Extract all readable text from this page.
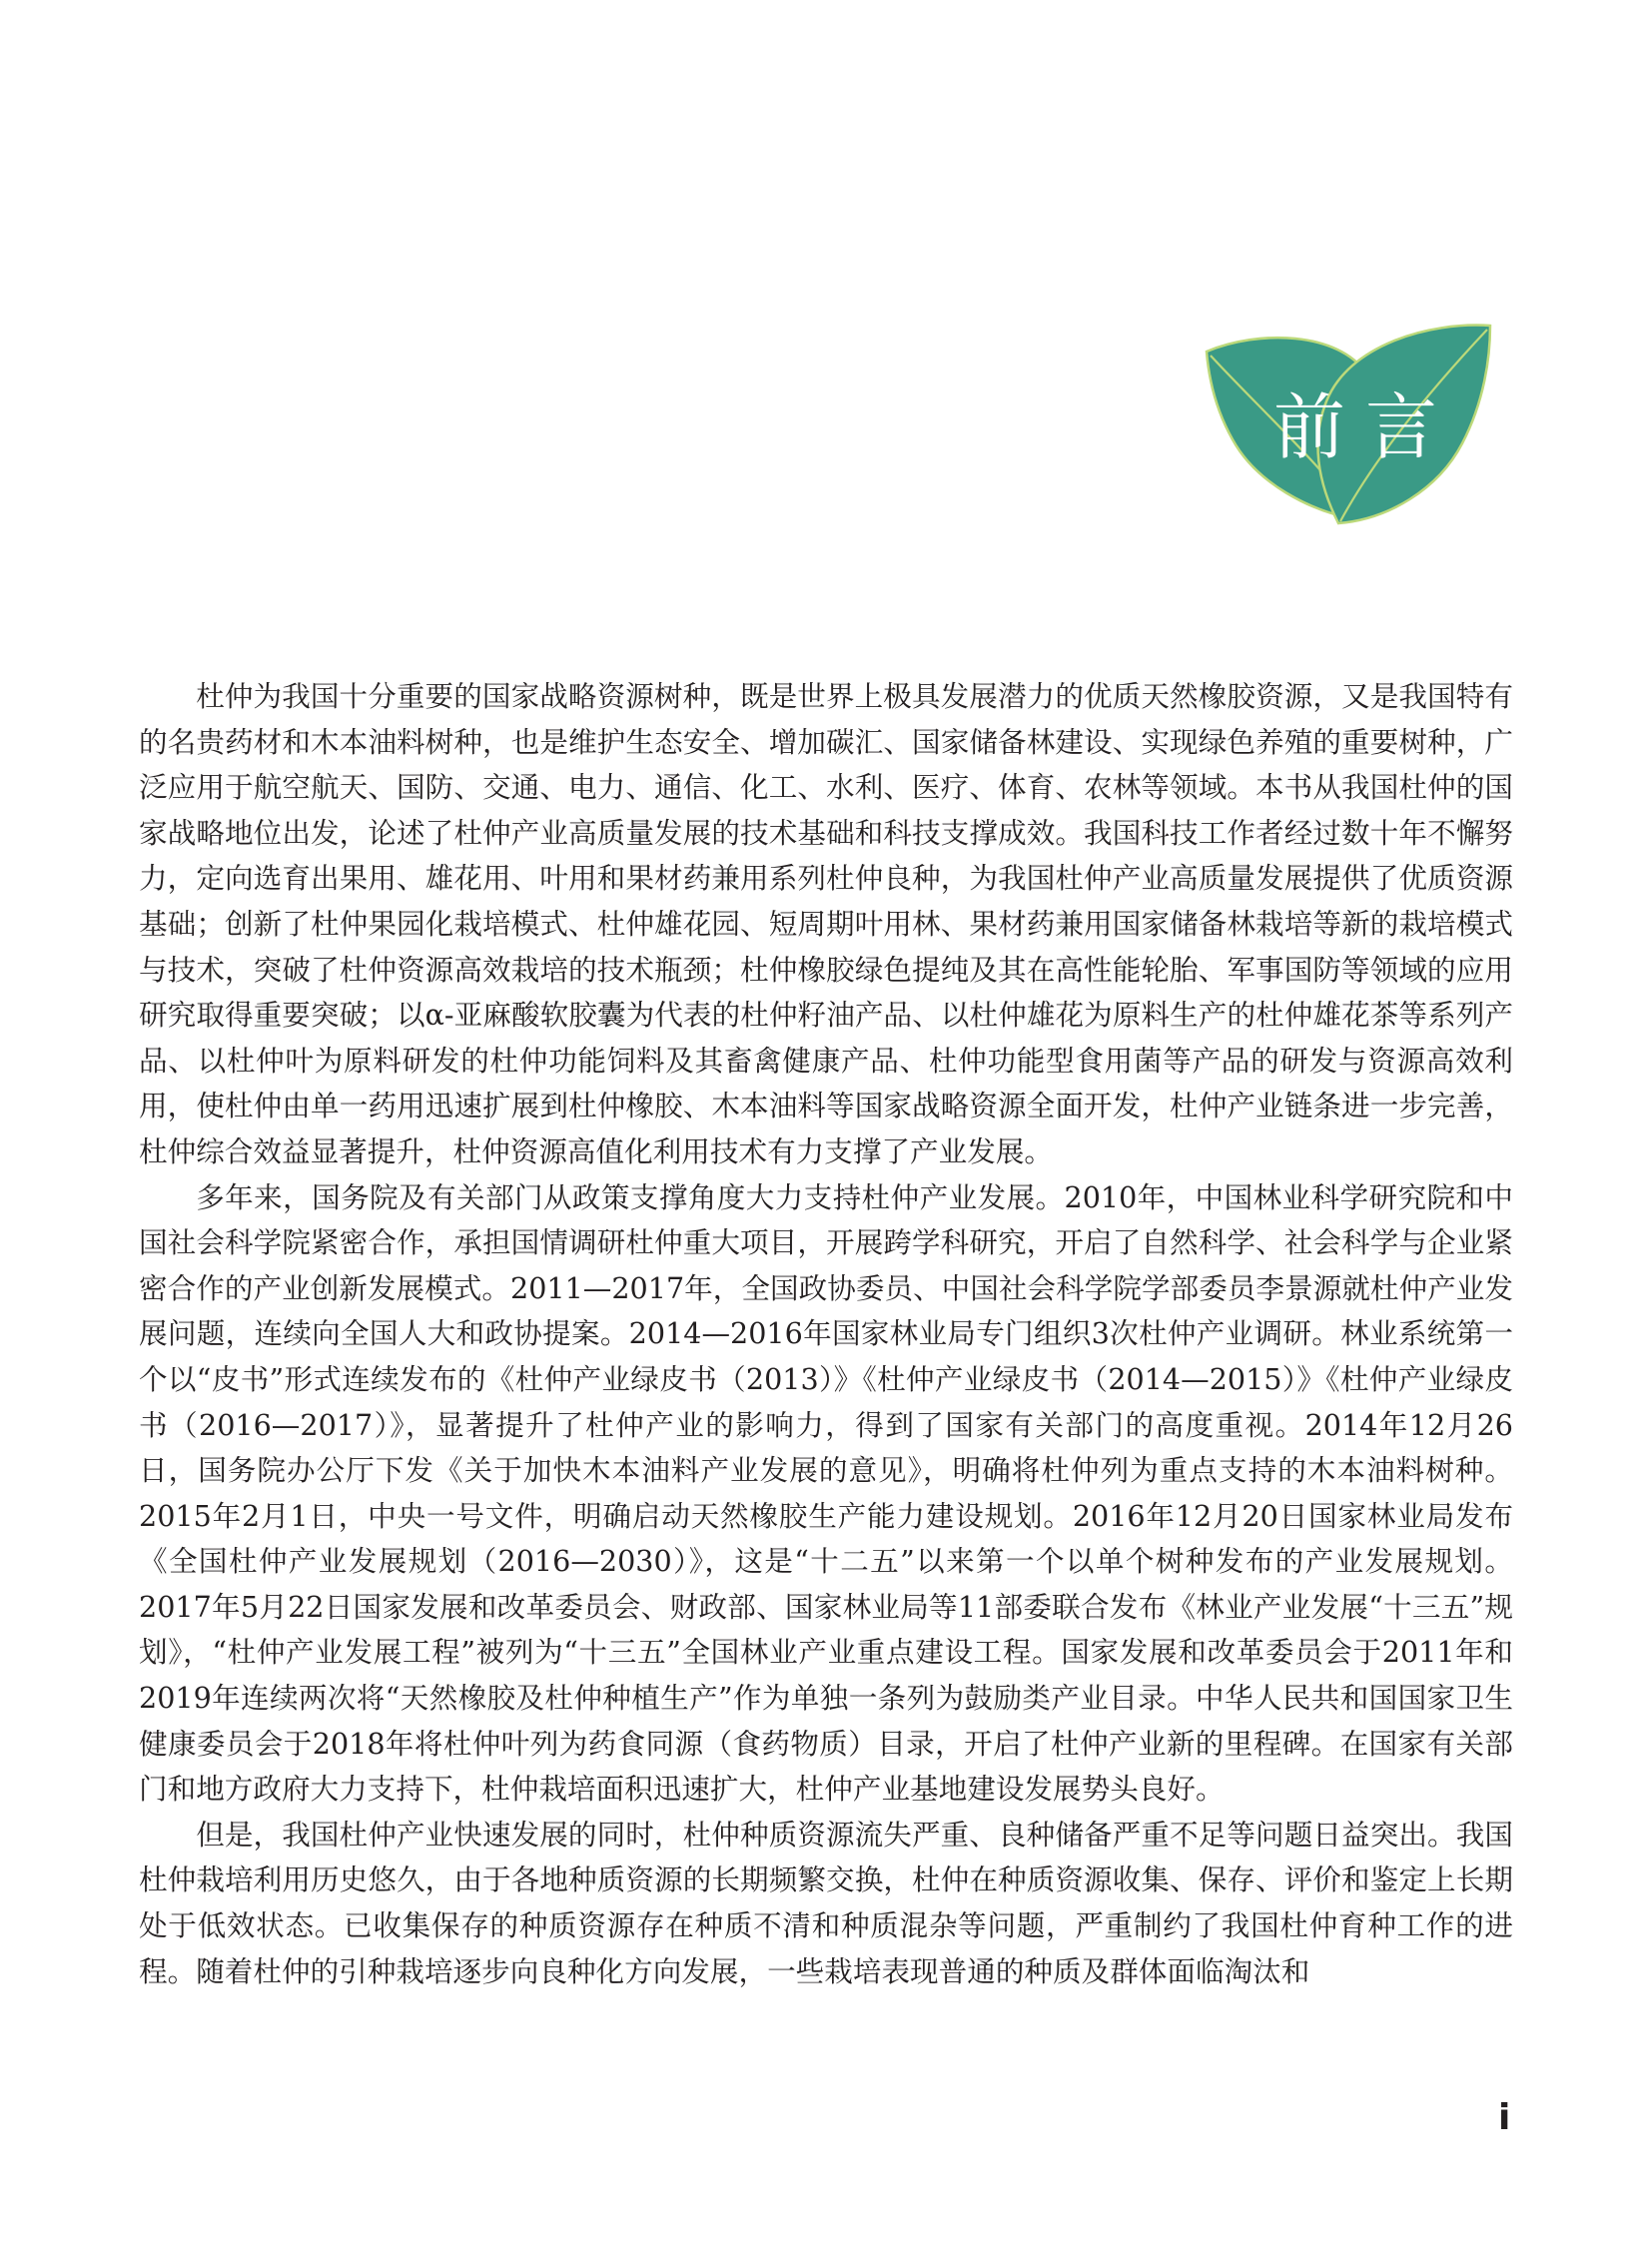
前 言

杜仲为我国十分重要的国家战略资源树种，既是世界上极具发展潜力的优质天然橡胶资源，又是我国特有的名贵药材和木本油料树种，也是维护生态安全、增加碳汇、国家储备林建设、实现绿色养殖的重要树种，广泛应用于航空航天、国防、交通、电力、通信、化工、水利、医疗、体育、农林等领域。本书从我国杜仲的国家战略地位出发，论述了杜仲产业高质量发展的技术基础和科技支撑成效。我国科技工作者经过数十年不懈努力，定向选育出果用、雄花用、叶用和果材药兼用系列杜仲良种，为我国杜仲产业高质量发展提供了优质资源基础；创新了杜仲果园化栽培模式、杜仲雄花园、短周期叶用林、果材药兼用国家储备林栽培等新的栽培模式与技术，突破了杜仲资源高效栽培的技术瓶颈；杜仲橡胶绿色提纯及其在高性能轮胎、军事国防等领域的应用研究取得重要突破；以α-亚麻酸软胶囊为代表的杜仲籽油产品、以杜仲雄花为原料生产的杜仲雄花茶等系列产品、以杜仲叶为原料研发的杜仲功能饲料及其畜禽健康产品、杜仲功能型食用菌等产品的研发与资源高效利用，使杜仲由单一药用迅速扩展到杜仲橡胶、木本油料等国家战略资源全面开发，杜仲产业链条进一步完善，杜仲综合效益显著提升，杜仲资源高值化利用技术有力支撑了产业发展。

多年来，国务院及有关部门从政策支撑角度大力支持杜仲产业发展。2010年，中国林业科学研究院和中国社会科学院紧密合作，承担国情调研杜仲重大项目，开展跨学科研究，开启了自然科学、社会科学与企业紧密合作的产业创新发展模式。2011—2017年，全国政协委员、中国社会科学院学部委员李景源就杜仲产业发展问题，连续向全国人大和政协提案。2014—2016年国家林业局专门组织3次杜仲产业调研。林业系统第一个以“皮书”形式连续发布的《杜仲产业绿皮书（2013）》《杜仲产业绿皮书（2014—2015）》《杜仲产业绿皮书（2016—2017）》，显著提升了杜仲产业的影响力，得到了国家有关部门的高度重视。2014年12月26日，国务院办公厅下发《关于加快木本油料产业发展的意见》，明确将杜仲列为重点支持的木本油料树种。2015年2月1日，中央一号文件，明确启动天然橡胶生产能力建设规划。2016年12月20日国家林业局发布《全国杜仲产业发展规划（2016—2030）》，这是“十二五”以来第一个以单个树种发布的产业发展规划。2017年5月22日国家发展和改革委员会、财政部、国家林业局等11部委联合发布《林业产业发展“十三五”规划》，“杜仲产业发展工程”被列为“十三五”全国林业产业重点建设工程。国家发展和改革委员会于2011年和2019年连续两次将“天然橡胶及杜仲种植生产”作为单独一条列为鼓励类产业目录。中华人民共和国国家卫生健康委员会于2018年将杜仲叶列为药食同源（食药物质）目录，开启了杜仲产业新的里程碑。在国家有关部门和地方政府大力支持下，杜仲栽培面积迅速扩大，杜仲产业基地建设发展势头良好。

但是，我国杜仲产业快速发展的同时，杜仲种质资源流失严重、良种储备严重不足等问题日益突出。我国杜仲栽培利用历史悠久，由于各地种质资源的长期频繁交换，杜仲在种质资源收集、保存、评价和鉴定上长期处于低效状态。已收集保存的种质资源存在种质不清和种质混杂等问题，严重制约了我国杜仲育种工作的进程。随着杜仲的引种栽培逐步向良种化方向发展，一些栽培表现普通的种质及群体面临淘汰和

i
